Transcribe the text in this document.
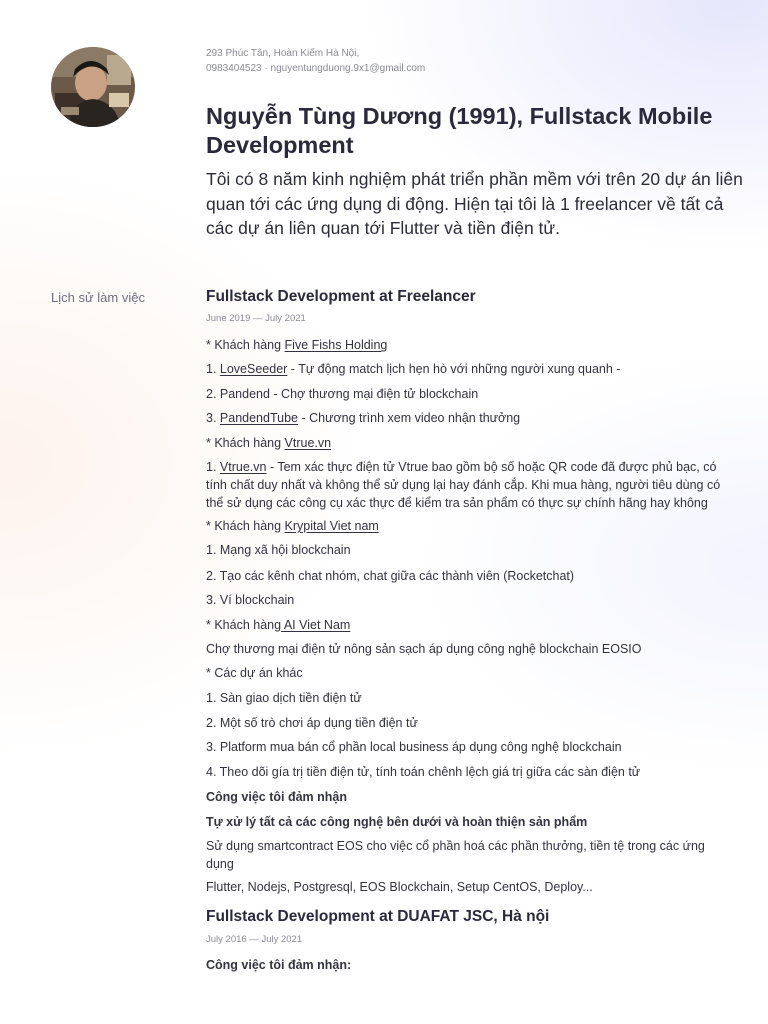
293 Phúc Tân, Hoàn Kiếm Hà Nội,
0983404523 · nguyentungduong.9x1@gmail.com
Nguyễn Tùng Dương (1991), Fullstack Mobile Development

Tôi có 8 năm kinh nghiệm phát triển phần mềm với trên 20 dự án liên quan tới các ứng dụng di động. Hiện tại tôi là 1 freelancer về tất cả các dự án liên quan tới Flutter và tiền điện tử.

Lịch sử làm việc	Fullstack Development at Freelancer
June 2019 — July 2021
* Khách hàng Five Fishs Holding
1. LoveSeeder - Tự động match lịch hẹn hò với những người xung quanh -
2. Pandend - Chợ thương mại điện tử blockchain
3. PandendTube - Chương trình xem video nhận thưởng
* Khách hàng Vtrue.vn
1. Vtrue.vn - Tem xác thực điện tử Vtrue bao gồm bộ số hoặc QR code đã được phủ bạc, có tính chất duy nhất và không thể sử dụng lại hay đánh cắp. Khi mua hàng, người tiêu dùng có thể sử dụng các công cụ xác thực để kiểm tra sản phẩm có thực sự chính hãng hay không
* Khách hàng Krypital Viet nam
1. Mạng xã hội blockchain
2. Tạo các kênh chat nhóm, chat giữa các thành viên (Rocketchat)
3. Ví blockchain
* Khách hàng AI Viet Nam
Chợ thương mại điện tử nông sản sạch áp dụng công nghệ blockchain EOSIO
* Các dự án khác
1. Sàn giao dịch tiền điện tử
2. Một số trò chơi áp dụng tiền điện tử
3. Platform mua bán cổ phần local business áp dụng công nghệ blockchain
4. Theo dõi gía trị tiền điện tử, tính toán chênh lệch giá trị giữa các sàn điện tử
Công việc tôi đảm nhận
Tự xử lý tất cả các công nghệ bên dưới và hoàn thiện sản phẩm
Sử dụng smartcontract EOS cho việc cổ phần hoá các phần thưởng, tiền tệ trong các ứng dụng
Flutter, Nodejs, Postgresql, EOS Blockchain, Setup CentOS, Deploy...
Fullstack Development at DUAFAT JSC, Hà nội
July 2016 — July 2021
Công việc tôi đảm nhận:
